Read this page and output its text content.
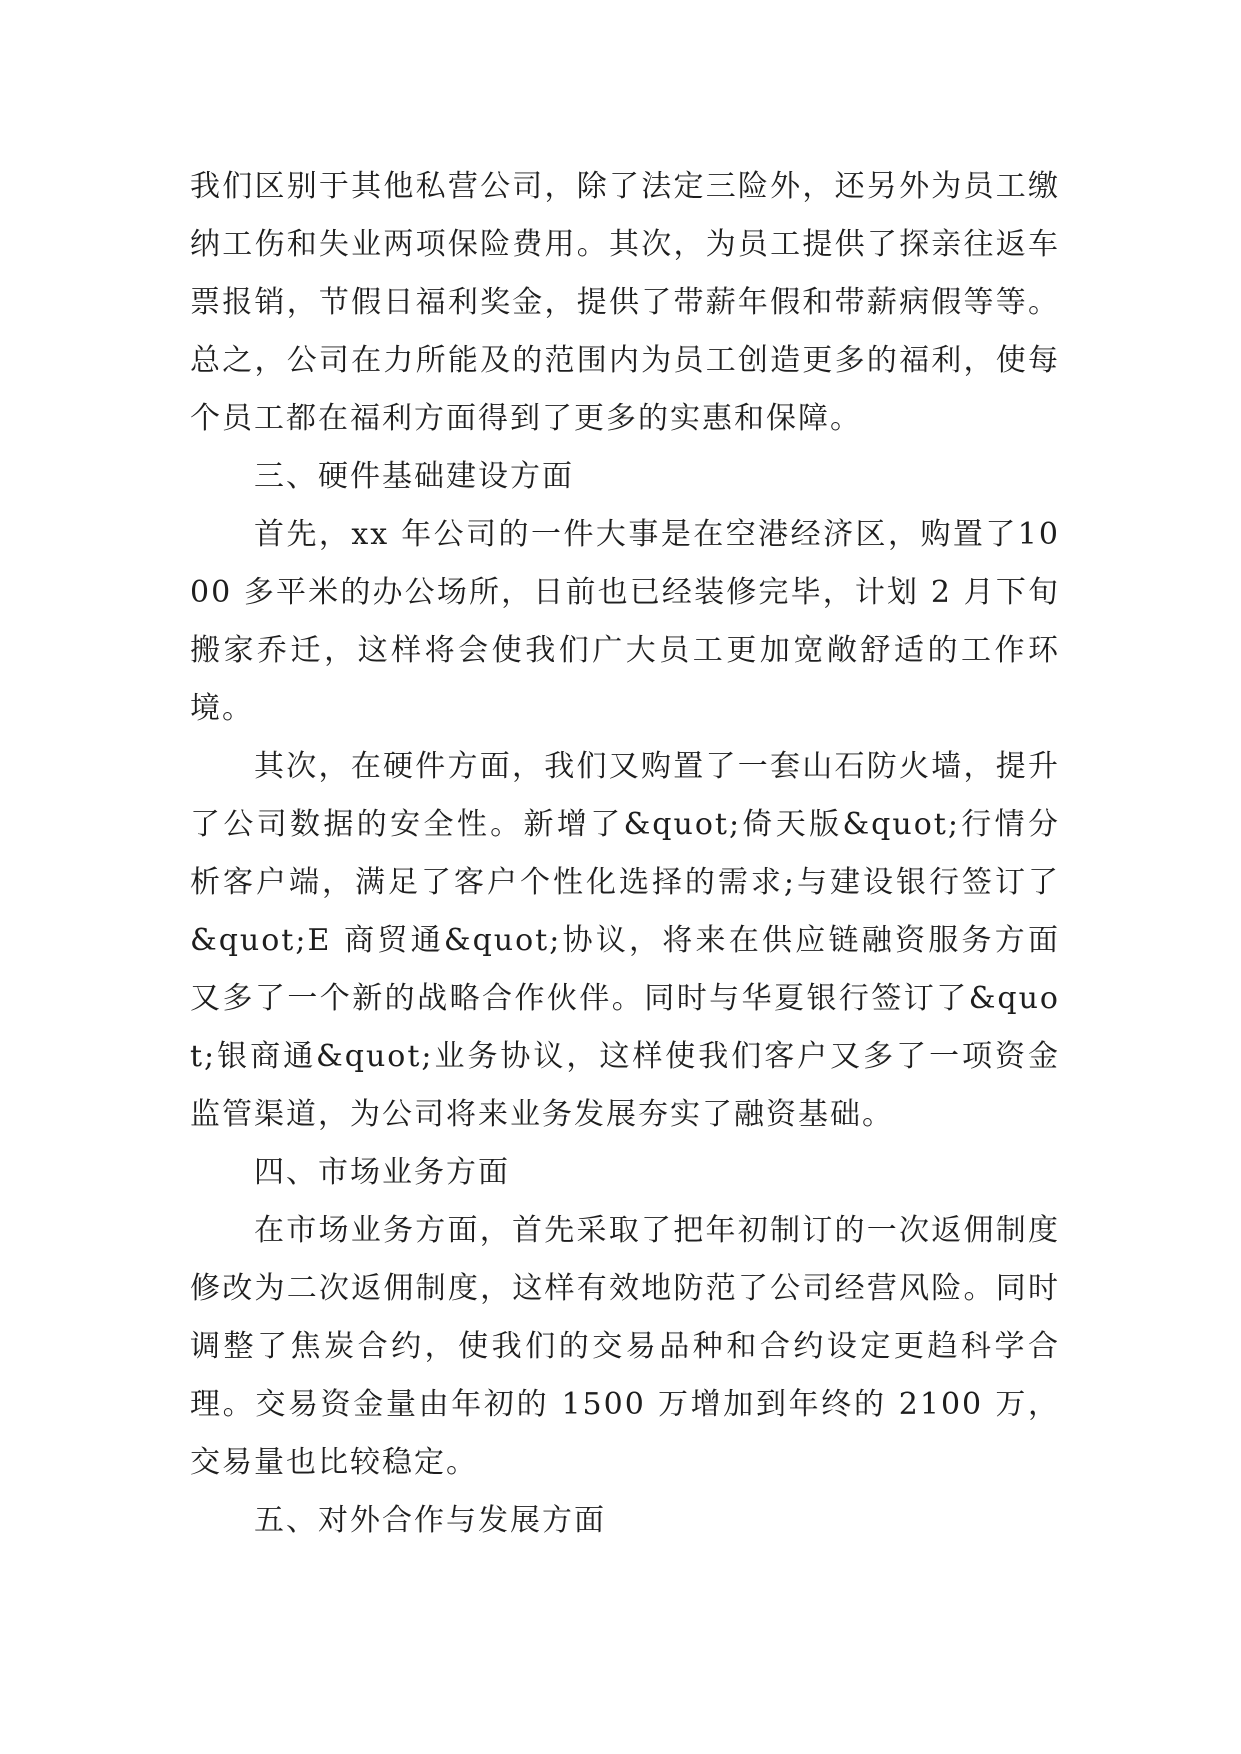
我们区别于其他私营公司，除了法定三险外，还另外为员工缴纳工伤和失业两项保险费用。其次，为员工提供了探亲往返车票报销，节假日福利奖金，提供了带薪年假和带薪病假等等。总之，公司在力所能及的范围内为员工创造更多的福利，使每个员工都在福利方面得到了更多的实惠和保障。

三、硬件基础建设方面

首先，xx 年公司的一件大事是在空港经济区，购置了1000 多平米的办公场所，日前也已经装修完毕，计划 2 月下旬搬家乔迁，这样将会使我们广大员工更加宽敞舒适的工作环境。

其次，在硬件方面，我们又购置了一套山石防火墙，提升了公司数据的安全性。新增了&quot;倚天版&quot;行情分析客户端，满足了客户个性化选择的需求;与建设银行签订了&quot;E 商贸通&quot;协议，将来在供应链融资服务方面又多了一个新的战略合作伙伴。同时与华夏银行签订了&quot;银商通&quot;业务协议，这样使我们客户又多了一项资金监管渠道，为公司将来业务发展夯实了融资基础。

四、市场业务方面

在市场业务方面，首先采取了把年初制订的一次返佣制度修改为二次返佣制度，这样有效地防范了公司经营风险。同时调整了焦炭合约，使我们的交易品种和合约设定更趋科学合理。交易资金量由年初的 1500 万增加到年终的 2100 万，交易量也比较稳定。

五、对外合作与发展方面
